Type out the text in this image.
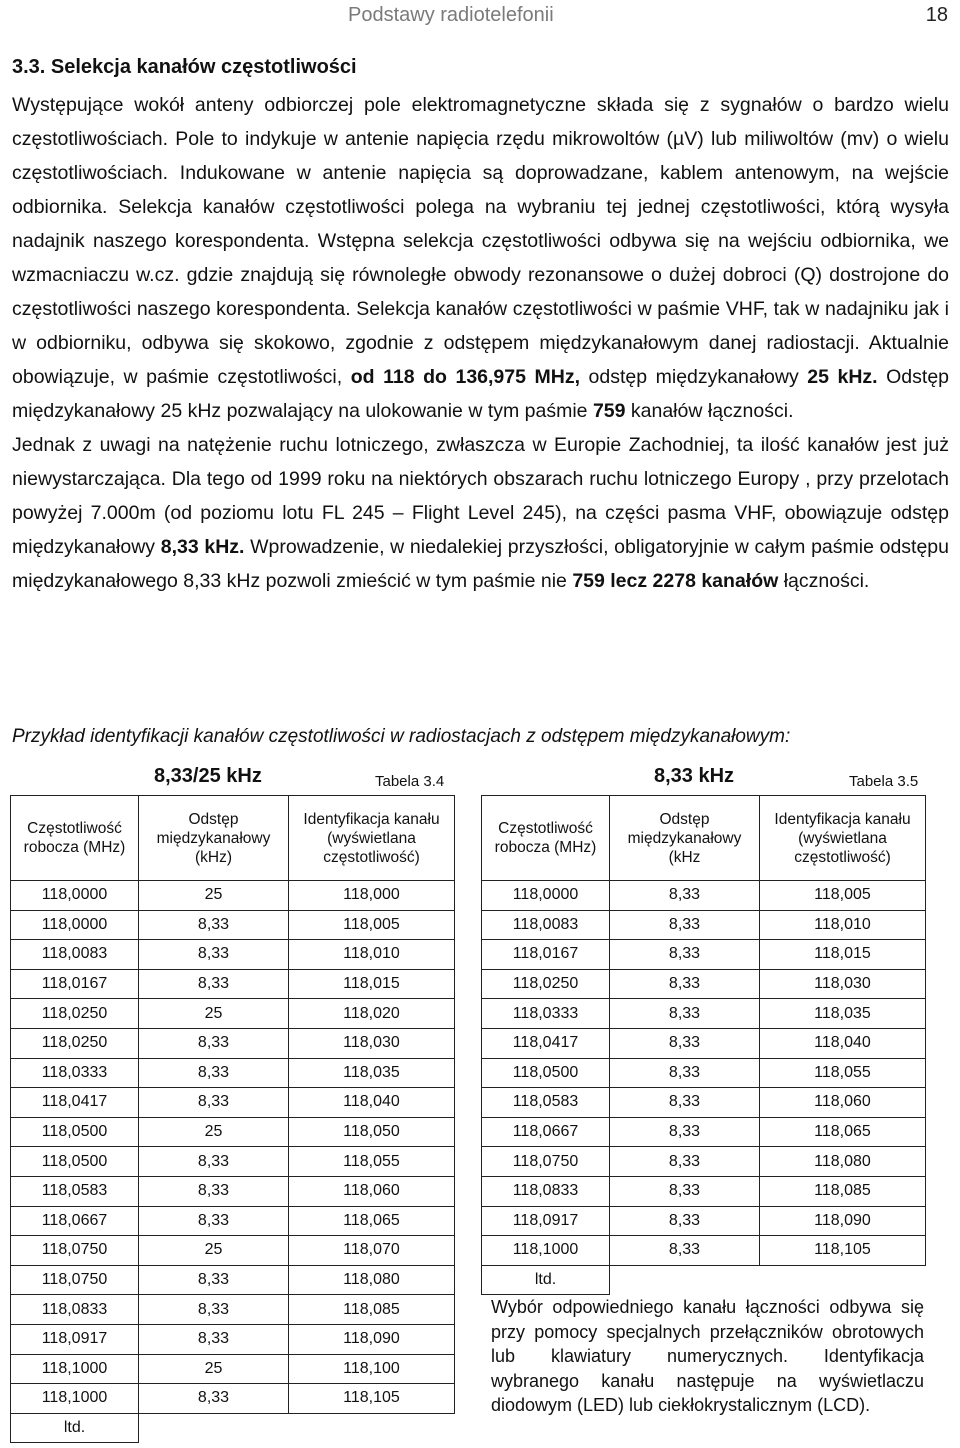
Podstawy radiotelefonii	18
3.3. Selekcja kanałów częstotliwości

Występujące wokół anteny odbiorczej pole elektromagnetyczne składa się z sygnałów o bardzo wielu częstotliwościach. Pole to indykuje w antenie napięcia rzędu mikrowoltów (µV) lub miliwoltów (mv) o wielu częstotliwościach. Indukowane w antenie napięcia są doprowadzane, kablem antenowym, na wejście odbiornika. Selekcja kanałów częstotliwości polega na wybraniu tej jednej częstotliwości, którą wysyła nadajnik naszego korespondenta. Wstępna selekcja częstotliwości odbywa się na wejściu odbiornika, we wzmacniaczu w.cz. gdzie znajdują się równoległe obwody rezonansowe o dużej dobroci (Q) dostrojone do częstotliwości naszego korespondenta. Selekcja kanałów częstotliwości w paśmie VHF, tak w nadajniku jak i w odbiorniku, odbywa się skokowo, zgodnie z odstępem międzykanałowym danej radiostacji. Aktualnie obowiązuje, w paśmie częstotliwości, od 118 do 136,975 MHz, odstęp międzykanałowy 25 kHz. Odstęp międzykanałowy 25 kHz pozwalający na ulokowanie w tym paśmie 759 kanałów łączności.

Jednak z uwagi na natężenie ruchu lotniczego, zwłaszcza w Europie Zachodniej, ta ilość kanałów jest już niewystarczająca. Dla tego od 1999 roku na niektórych obszarach ruchu lotniczego Europy , przy przelotach powyżej 7.000m (od poziomu lotu FL 245 – Flight Level 245), na części pasma VHF, obowiązuje odstęp międzykanałowy 8,33 kHz. Wprowadzenie, w niedalekiej przyszłości, obligatoryjnie w całym paśmie odstępu międzykanałowego 8,33 kHz pozwoli zmieścić w tym paśmie nie 759 lecz 2278 kanałów łączności.

Przykład identyfikacji kanałów częstotliwości w radiostacjach z odstępem międzykanałowym:
8,33/25 kHz	Tabela 3.4	8,33 kHz	Tabela 3.5
Częstotliwość robocza (MHz)	Odstęp międzykanałowy (kHz)	Identyfikacja kanału (wyświetlana częstotliwość)
118,0000	25	118,000
118,0000	8,33	118,005
118,0083	8,33	118,010
118,0167	8,33	118,015
118,0250	25	118,020
118,0250	8,33	118,030
118,0333	8,33	118,035
118,0417	8,33	118,040
118,0500	25	118,050
118,0500	8,33	118,055
118,0583	8,33	118,060
118,0667	8,33	118,065
118,0750	25	118,070
118,0750	8,33	118,080
118,0833	8,33	118,085
118,0917	8,33	118,090
118,1000	25	118,100
118,1000	8,33	118,105
ltd.		
Częstotliwość robocza (MHz)	Odstęp międzykanałowy (kHz	Identyfikacja kanału (wyświetlana częstotliwość)
118,0000	8,33	118,005
118,0083	8,33	118,010
118,0167	8,33	118,015
118,0250	8,33	118,030
118,0333	8,33	118,035
118,0417	8,33	118,040
118,0500	8,33	118,055
118,0583	8,33	118,060
118,0667	8,33	118,065
118,0750	8,33	118,080
118,0833	8,33	118,085
118,0917	8,33	118,090
118,1000	8,33	118,105
ltd.		
Wybór odpowiedniego kanału łączności odbywa się przy pomocy specjalnych przełączników obrotowych lub klawiatury numerycznych. Identyfikacja wybranego kanału następuje na wyświetlaczu diodowym (LED) lub ciekłokrystalicznym (LCD).
